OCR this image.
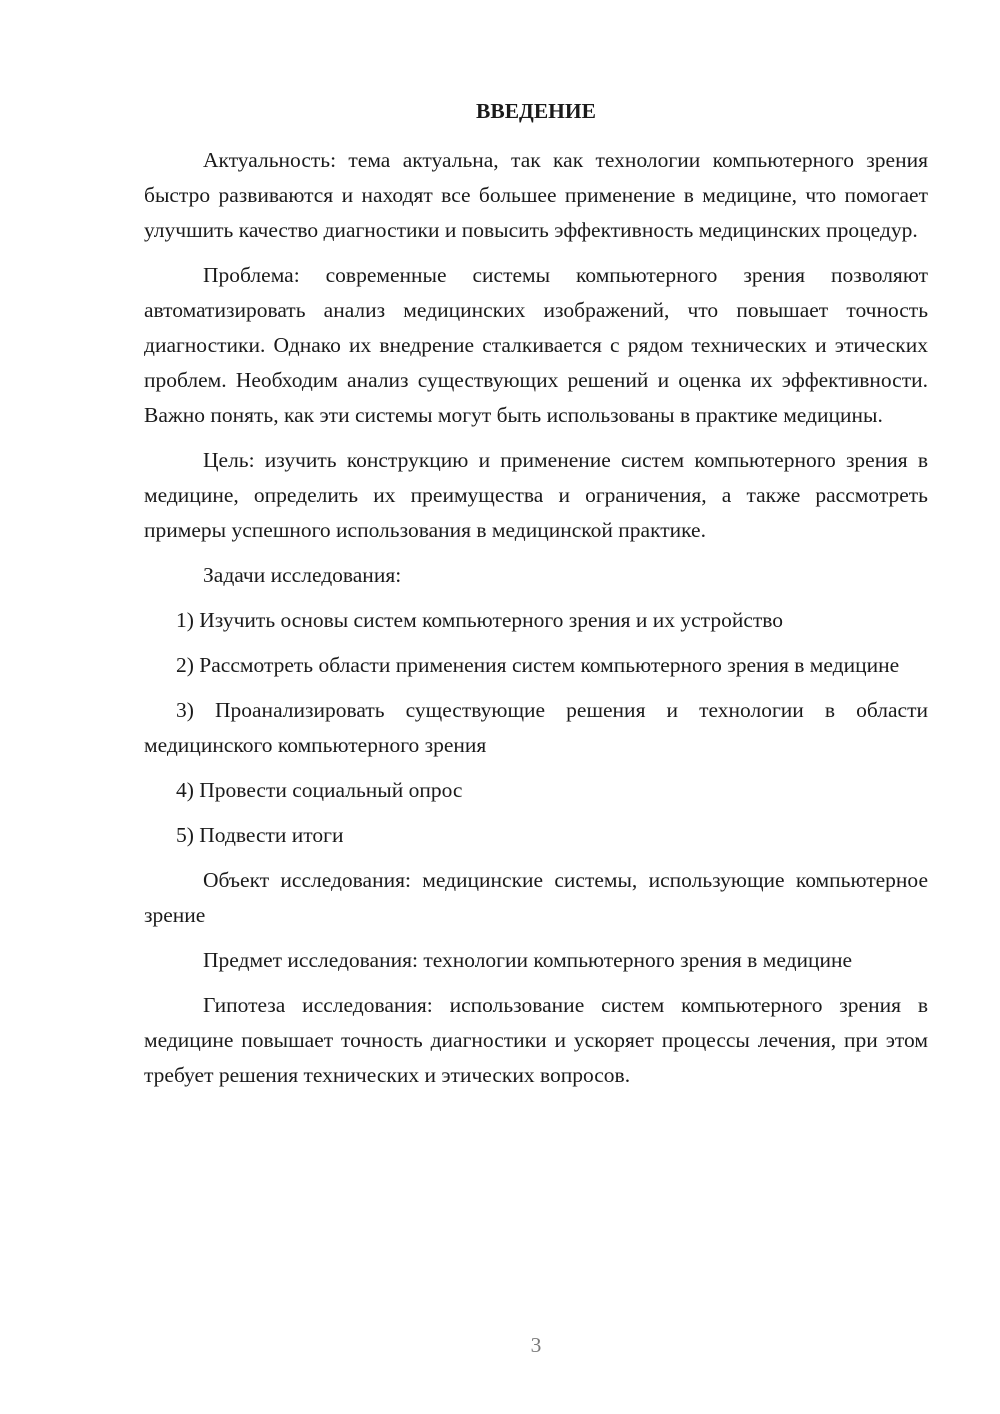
ВВЕДЕНИЕ

Актуальность: тема актуальна, так как технологии компьютерного зрения быстро развиваются и находят все большее применение в медицине, что помогает улучшить качество диагностики и повысить эффективность медицинских процедур.

Проблема: современные системы компьютерного зрения позволяют автоматизировать анализ медицинских изображений, что повышает точность диагностики. Однако их внедрение сталкивается с рядом технических и этических проблем. Необходим анализ существующих решений и оценка их эффективности. Важно понять, как эти системы могут быть использованы в практике медицины.

Цель: изучить конструкцию и применение систем компьютерного зрения в медицине, определить их преимущества и ограничения, а также рассмотреть примеры успешного использования в медицинской практике.

Задачи исследования:

1) Изучить основы систем компьютерного зрения и их устройство

2) Рассмотреть области применения систем компьютерного зрения в медицине

3) Проанализировать существующие решения и технологии в области медицинского компьютерного зрения

4) Провести социальный опрос

5) Подвести итоги

Объект исследования: медицинские системы, использующие компьютерное зрение

Предмет исследования: технологии компьютерного зрения в медицине

Гипотеза исследования: использование систем компьютерного зрения в медицине повышает точность диагностики и ускоряет процессы лечения, при этом требует решения технических и этических вопросов.

3
